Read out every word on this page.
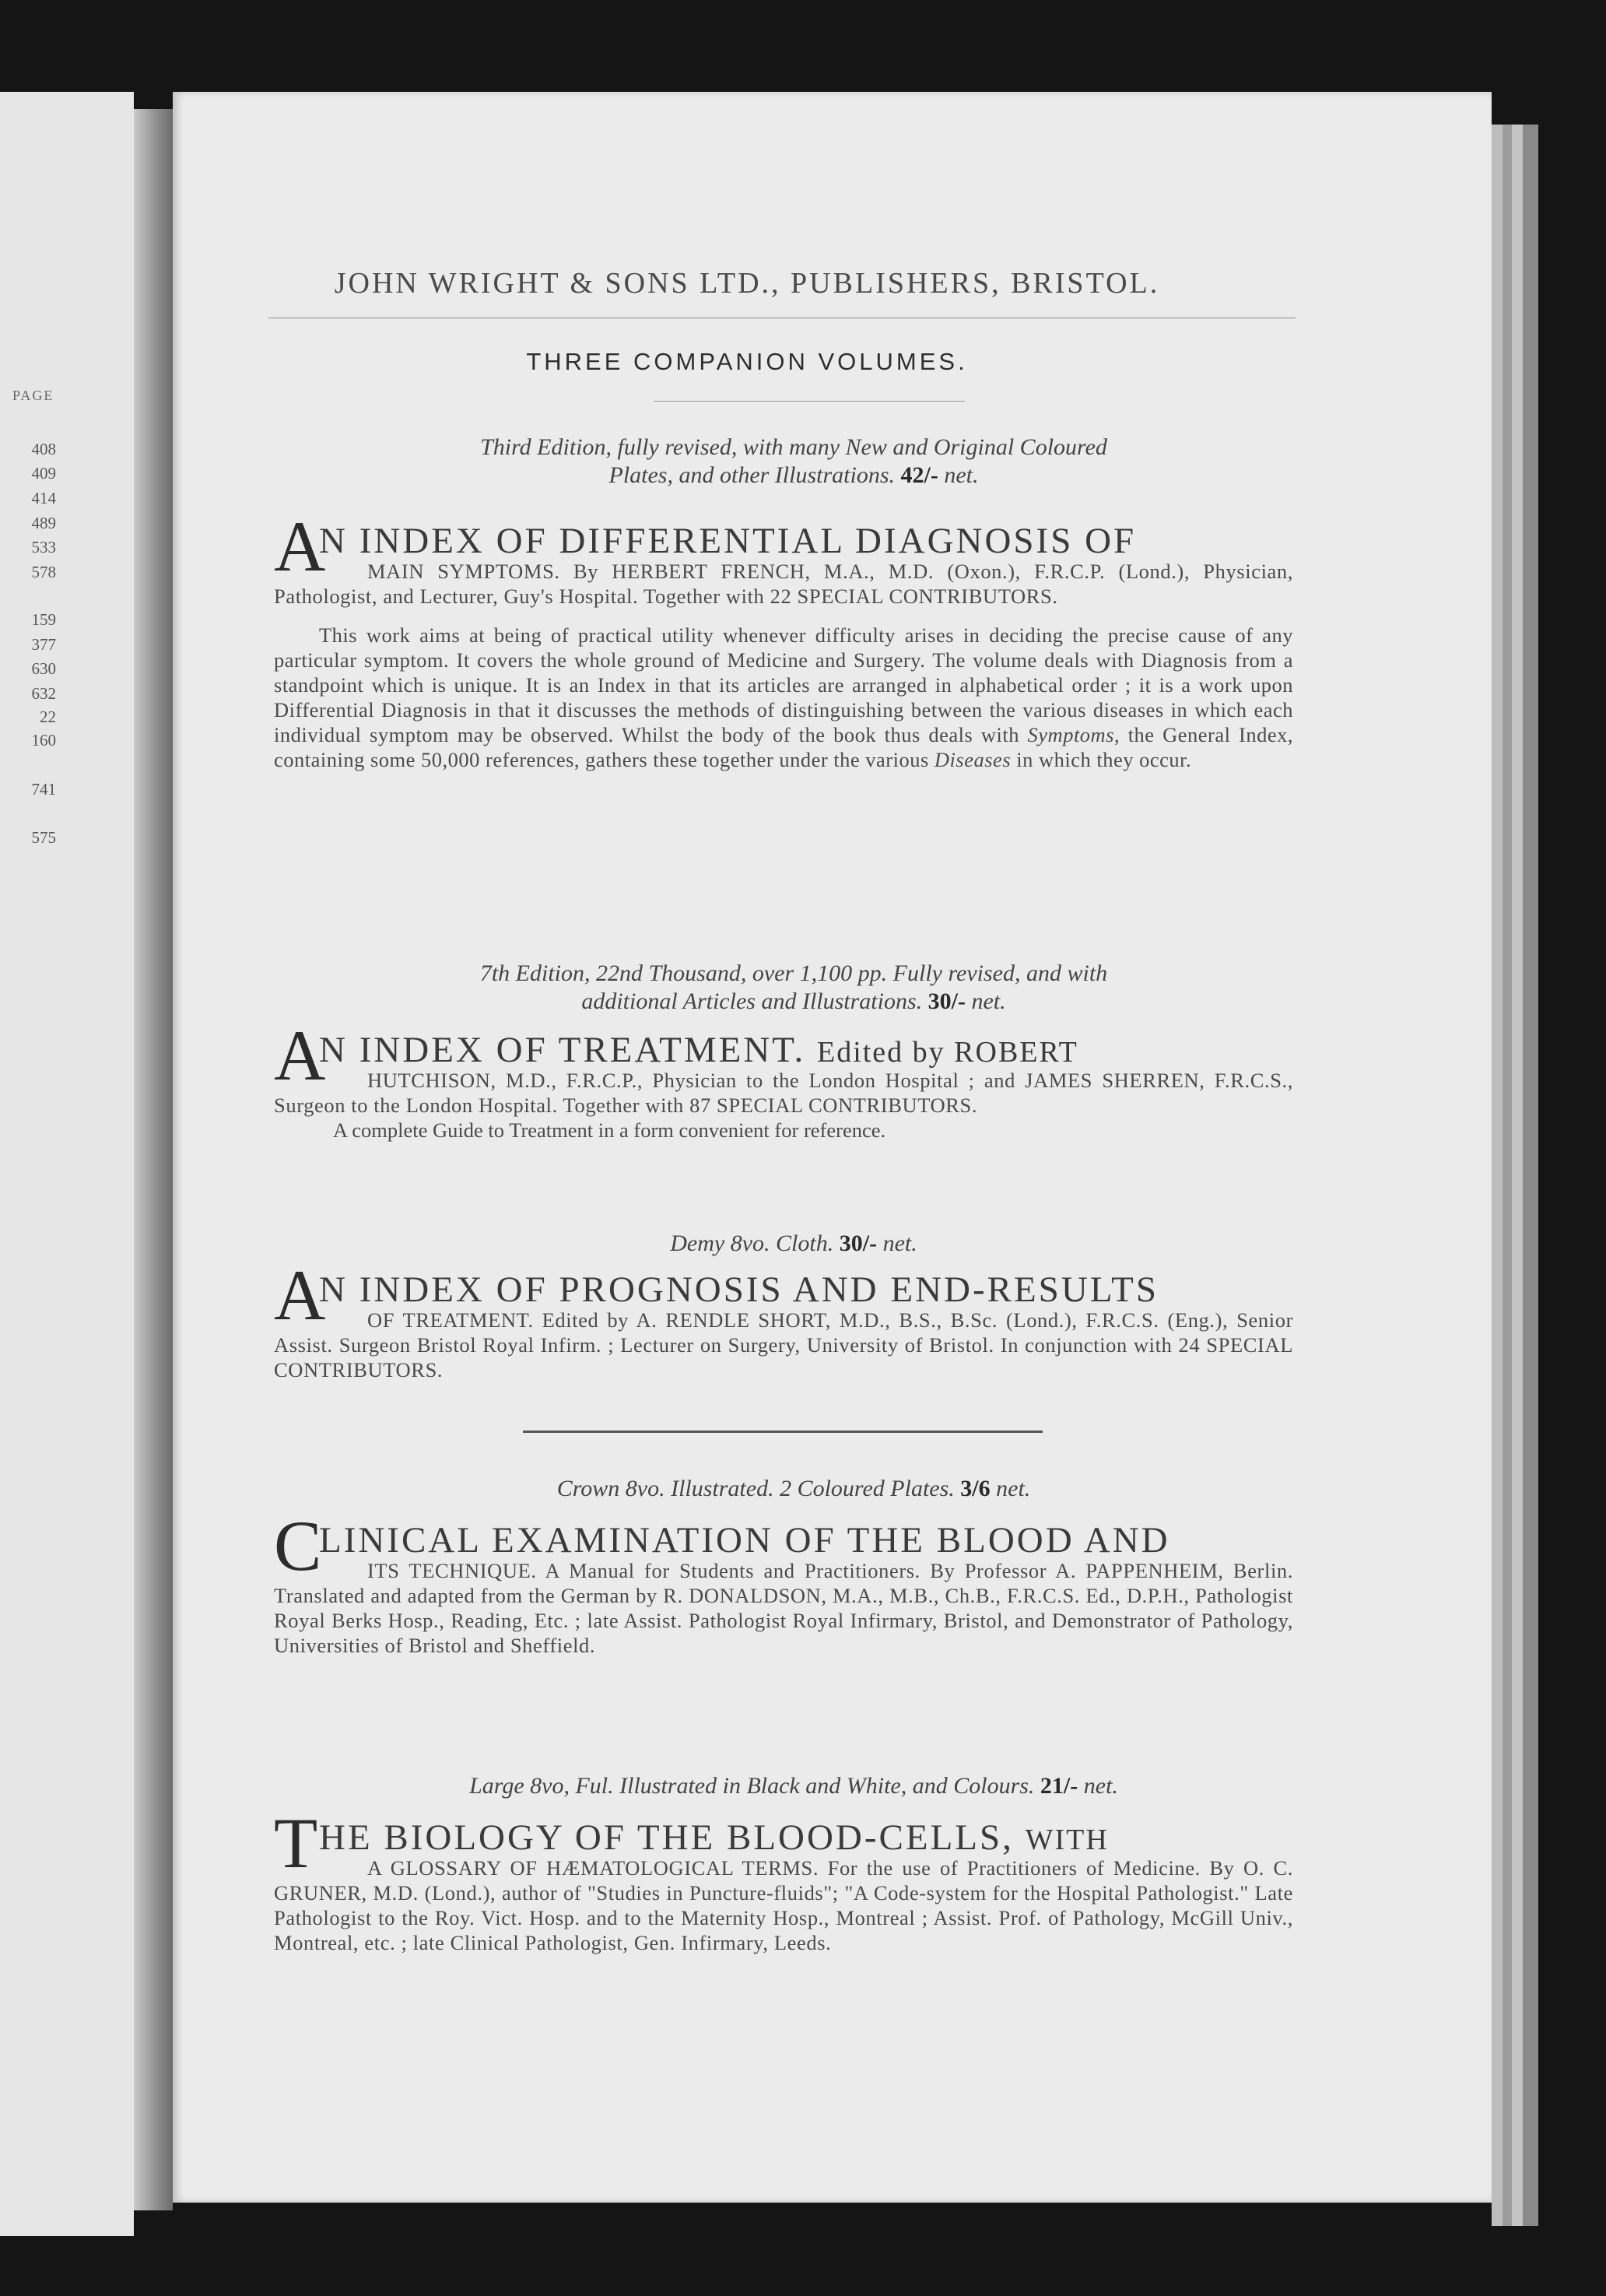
PAGE
408
409
414
489
533
578
159
377
630
632
22
160
741
575
JOHN WRIGHT & SONS LTD., PUBLISHERS, BRISTOL.
THREE COMPANION VOLUMES.
Third Edition, fully revised, with many New and Original Coloured
Plates, and other Illustrations. 42/- net.
A
N INDEX OF DIFFERENTIAL DIAGNOSIS OF
MAIN SYMPTOMS. By HERBERT FRENCH, M.A., M.D. (Oxon.), F.R.C.P. (Lond.), Physician, Pathologist, and Lecturer, Guy's Hospital. Together with 22 SPECIAL CONTRIBUTORS.
This work aims at being of practical utility whenever difficulty arises in deciding the precise cause of any particular symptom. It covers the whole ground of Medicine and Surgery. The volume deals with Diagnosis from a standpoint which is unique. It is an Index in that its articles are arranged in alphabetical order ; it is a work upon Differential Diagnosis in that it discusses the methods of distinguishing between the various diseases in which each individual symptom may be observed. Whilst the body of the book thus deals with Symptoms, the General Index, containing some 50,000 references, gathers these together under the various Diseases in which they occur.
7th Edition, 22nd Thousand, over 1,100 pp. Fully revised, and with
additional Articles and Illustrations. 30/- net.
A
N INDEX OF TREATMENT. Edited by ROBERT
HUTCHISON, M.D., F.R.C.P., Physician to the London Hospital ; and JAMES SHERREN, F.R.C.S., Surgeon to the London Hospital. Together with 87 SPECIAL CONTRIBUTORS.
A complete Guide to Treatment in a form convenient for reference.
Demy 8vo. Cloth. 30/- net.
A
N INDEX OF PROGNOSIS AND END-RESULTS
OF TREATMENT. Edited by A. RENDLE SHORT, M.D., B.S., B.Sc. (Lond.), F.R.C.S. (Eng.), Senior Assist. Surgeon Bristol Royal Infirm. ; Lecturer on Surgery, University of Bristol. In conjunction with 24 SPECIAL CONTRIBUTORS.
Crown 8vo. Illustrated. 2 Coloured Plates. 3/6 net.
C
LINICAL EXAMINATION OF THE BLOOD AND
ITS TECHNIQUE. A Manual for Students and Practitioners. By Professor A. PAPPENHEIM, Berlin. Translated and adapted from the German by R. DONALDSON, M.A., M.B., Ch.B., F.R.C.S. Ed., D.P.H., Pathologist Royal Berks Hosp., Reading, Etc. ; late Assist. Pathologist Royal Infirmary, Bristol, and Demonstrator of Pathology, Universities of Bristol and Sheffield.
Large 8vo, Ful. Illustrated in Black and White, and Colours. 21/- net.
T HE BIOLOGY OF THE BLOOD-CELLS, WITH
A GLOSSARY OF HÆMATOLOGICAL TERMS. For the use of Practitioners of Medicine. By O. C. GRUNER, M.D. (Lond.), author of "Studies in Puncture-fluids"; "A Code-system for the Hospital Pathologist." Late Pathologist to the Roy. Vict. Hosp. and to the Maternity Hosp., Montreal ; Assist. Prof. of Pathology, McGill Univ., Montreal, etc. ; late Clinical Pathologist, Gen. Infirmary, Leeds.
